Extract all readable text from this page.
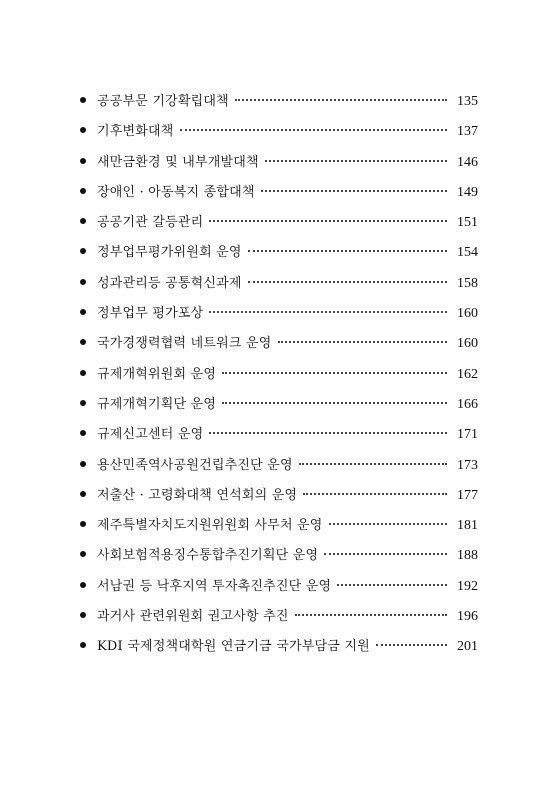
공공부문 기강확립대책	135
기후변화대책	137
새만금환경 및 내부개발대책	146
장애인 · 아동복지 종합대책	149
공공기관 갈등관리	151
정부업무평가위원회 운영	154
성과관리등 공통혁신과제	158
정부업무 평가포상	160
국가경쟁력협력 네트워크 운영	160
규제개혁위원회 운영	162
규제개혁기획단 운영	166
규제신고센터 운영	171
용산민족역사공원건립추진단 운영	173
저출산 · 고령화대책 연석회의 운영	177
제주특별자치도지원위원회 사무처 운영	181
사회보험적용징수통합추진기획단 운영	188
서남권 등 낙후지역 투자촉진추진단 운영	192
과거사 관련위원회 권고사항 추진	196
KDI 국제정책대학원 연금기금 국가부담금 지원	201
